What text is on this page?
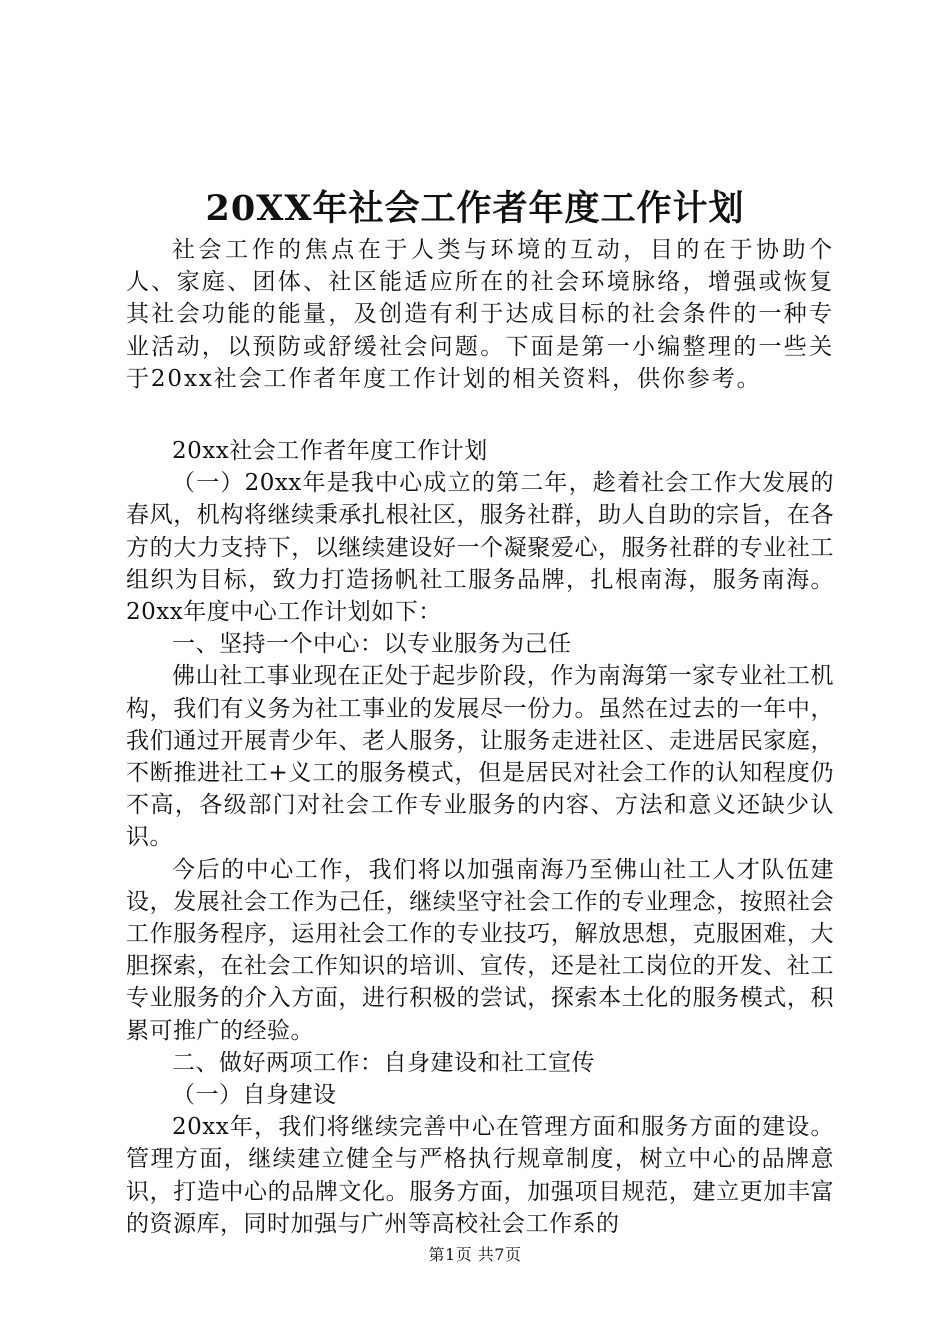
20XX年社会工作者年度工作计划

社会工作的焦点在于人类与环境的互动，目的在于协助个人、家庭、团体、社区能适应所在的社会环境脉络，增强或恢复其社会功能的能量，及创造有利于达成目标的社会条件的一种专业活动，以预防或舒缓社会问题。下面是第一小编整理的一些关于20xx社会工作者年度工作计划的相关资料，供你参考。

20xx社会工作者年度工作计划

（一）20xx年是我中心成立的第二年，趁着社会工作大发展的春风，机构将继续秉承扎根社区，服务社群，助人自助的宗旨，在各方的大力支持下，以继续建设好一个凝聚爱心，服务社群的专业社工组织为目标，致力打造扬帆社工服务品牌，扎根南海，服务南海。20xx年度中心工作计划如下：

一、坚持一个中心：以专业服务为己任

佛山社工事业现在正处于起步阶段，作为南海第一家专业社工机构，我们有义务为社工事业的发展尽一份力。虽然在过去的一年中，我们通过开展青少年、老人服务，让服务走进社区、走进居民家庭，不断推进社工+义工的服务模式，但是居民对社会工作的认知程度仍不高，各级部门对社会工作专业服务的内容、方法和意义还缺少认识。

今后的中心工作，我们将以加强南海乃至佛山社工人才队伍建设，发展社会工作为己任，继续坚守社会工作的专业理念，按照社会工作服务程序，运用社会工作的专业技巧，解放思想，克服困难，大胆探索，在社会工作知识的培训、宣传，还是社工岗位的开发、社工专业服务的介入方面，进行积极的尝试，探索本土化的服务模式，积累可推广的经验。

二、做好两项工作：自身建设和社工宣传

（一）自身建设

20xx年，我们将继续完善中心在管理方面和服务方面的建设。管理方面，继续建立健全与严格执行规章制度，树立中心的品牌意识，打造中心的品牌文化。服务方面，加强项目规范，建立更加丰富的资源库，同时加强与广州等高校社会工作系的

第1页 共7页
